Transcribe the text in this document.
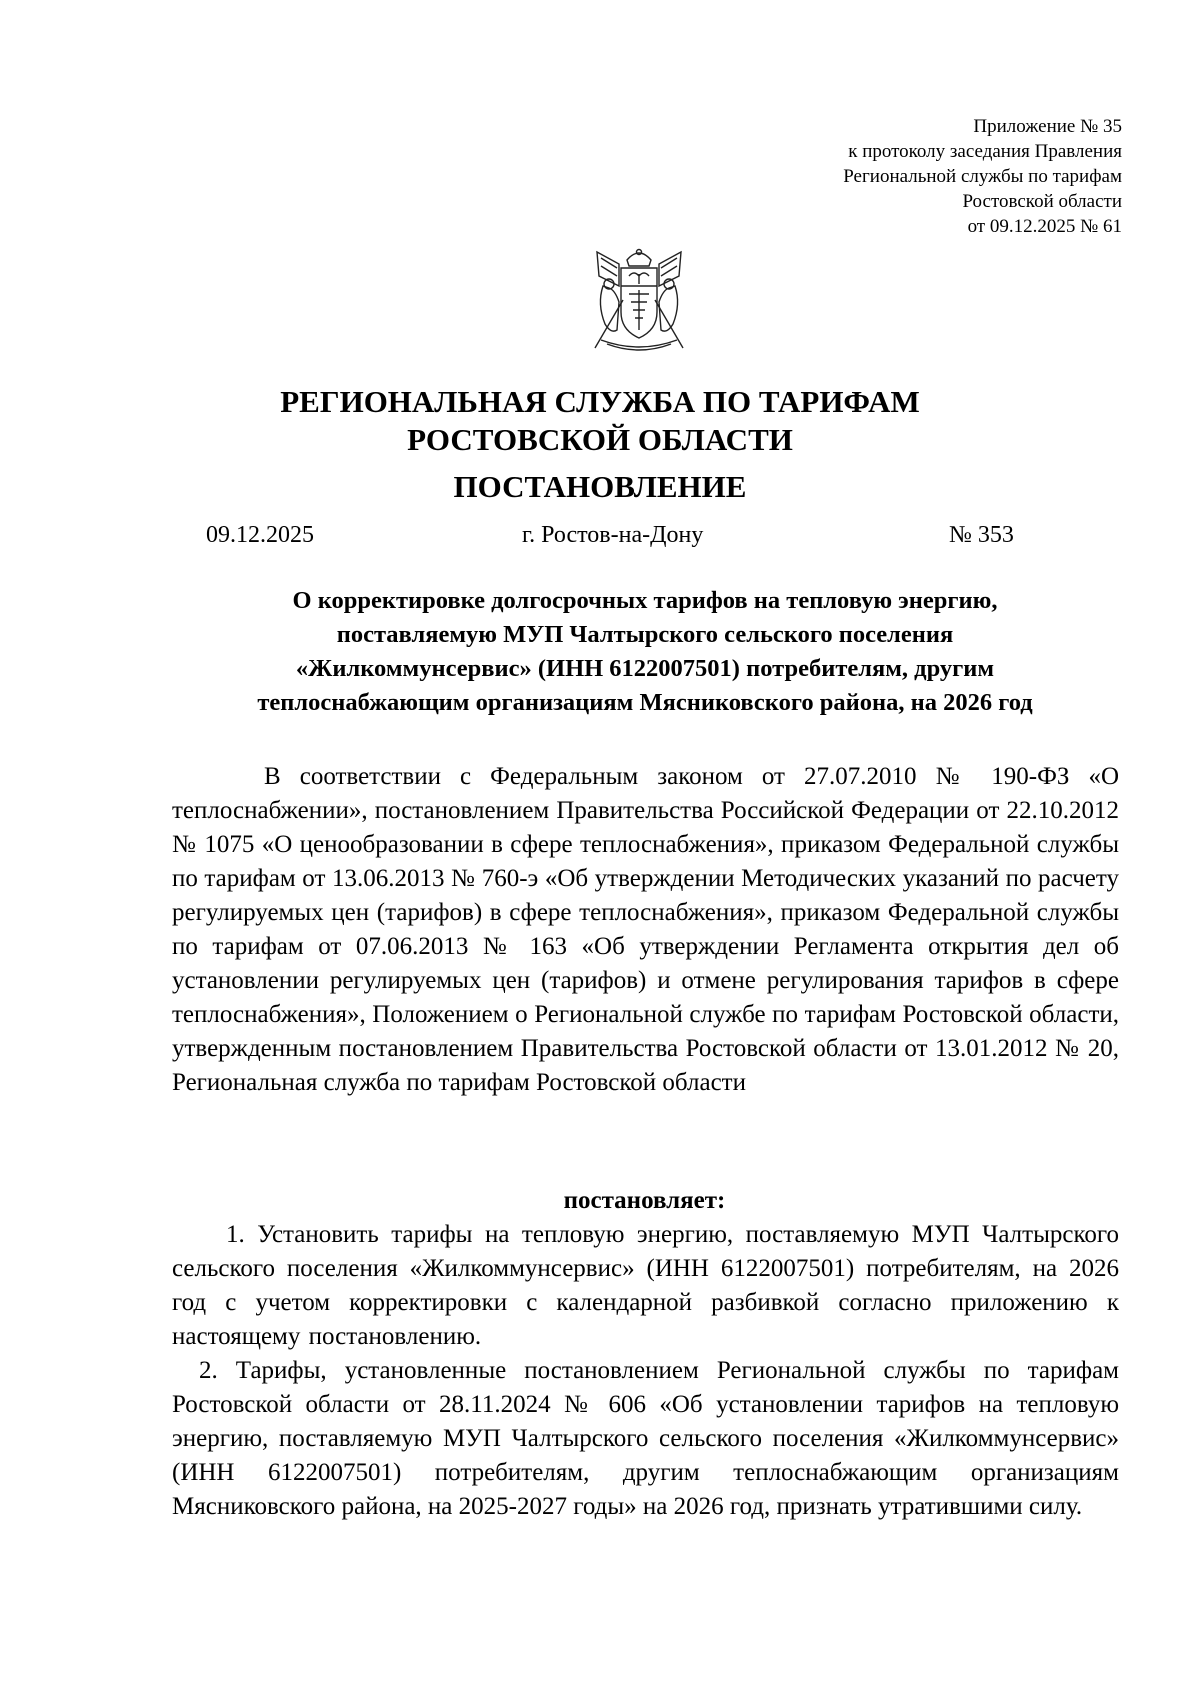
Приложение № 35
к протоколу заседания Правления
Региональной службы по тарифам
Ростовской области
от 09.12.2025 № 61
РЕГИОНАЛЬНАЯ СЛУЖБА ПО ТАРИФАМ
РОСТОВСКОЙ ОБЛАСТИ
ПОСТАНОВЛЕНИЕ
09.12.2025	г. Ростов-на-Дону	№ 353
О корректировке долгосрочных тарифов на тепловую энергию,
поставляемую МУП Чалтырского сельского поселения
«Жилкоммунсервис» (ИНН 6122007501) потребителям, другим
теплоснабжающим организациям Мясниковского района, на 2026 год
В соответствии с Федеральным законом от 27.07.2010 № 190-ФЗ «О теплоснабжении», постановлением Правительства Российской Федерации от 22.10.2012 № 1075 «О ценообразовании в сфере теплоснабжения», приказом Федеральной службы по тарифам от 13.06.2013 № 760-э «Об утверждении Методических указаний по расчету регулируемых цен (тарифов) в сфере теплоснабжения», приказом Федеральной службы по тарифам от 07.06.2013 № 163 «Об утверждении Регламента открытия дел об установлении регулируемых цен (тарифов) и отмене регулирования тарифов в сфере теплоснабжения», Положением о Региональной службе по тарифам Ростовской области, утвержденным постановлением Правительства Ростовской области от 13.01.2012 № 20, Региональная служба по тарифам Ростовской области
постановляет:
1. Установить тарифы на тепловую энергию, поставляемую МУП Чалтырского сельского поселения «Жилкоммунсервис» (ИНН 6122007501) потребителям, на 2026 год с учетом корректировки с календарной разбивкой согласно приложению к настоящему постановлению.
2. Тарифы, установленные постановлением Региональной службы по тарифам Ростовской области от 28.11.2024 № 606 «Об установлении тарифов на тепловую энергию, поставляемую МУП Чалтырского сельского поселения «Жилкоммунсервис» (ИНН 6122007501) потребителям, другим теплоснабжающим организациям Мясниковского района, на 2025-2027 годы» на 2026 год, признать утратившими силу.
